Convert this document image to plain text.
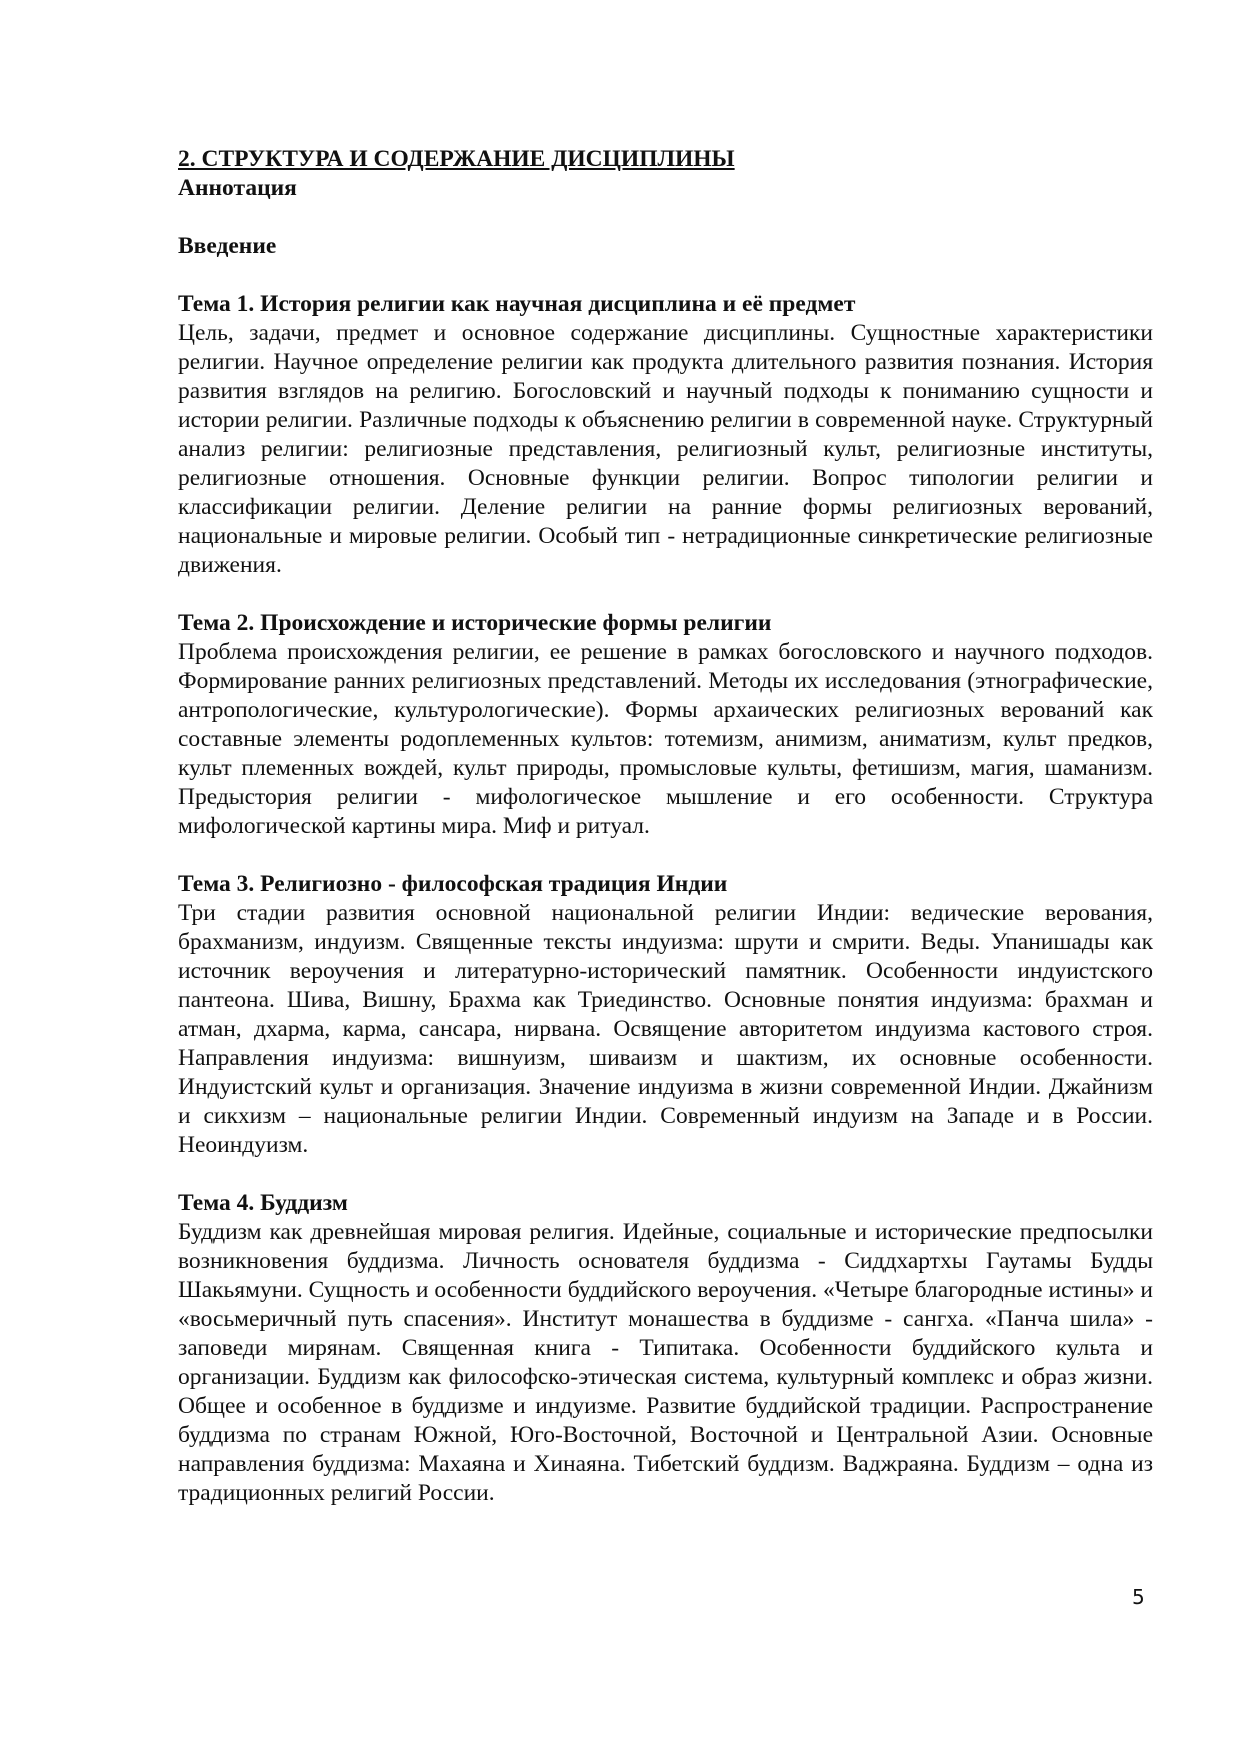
2. СТРУКТУРА И СОДЕРЖАНИЕ ДИСЦИПЛИНЫ
Аннотация
Введение
Тема 1. История религии как научная дисциплина и её предмет

Цель, задачи, предмет и основное содержание дисциплины. Сущностные характеристики религии. Научное определение религии как продукта длительного развития познания. История развития взглядов на религию. Богословский и научный подходы к пониманию сущности и истории религии. Различные подходы к объяснению религии в современной науке. Структурный анализ религии: религиозные представления, религиозный культ, религиозные институты, религиозные отношения. Основные функции религии. Вопрос типологии религии и классификации религии. Деление религии на ранние формы религиозных верований, национальные и мировые религии. Особый тип - нетрадиционные синкретические религиозные движения.

Тема 2. Происхождение и исторические формы религии

Проблема происхождения религии, ее решение в рамках богословского и научного подходов. Формирование ранних религиозных представлений. Методы их исследования (этнографические, антропологические, культурологические). Формы архаических религиозных верований как составные элементы родоплеменных культов: тотемизм, анимизм, аниматизм, культ предков, культ племенных вождей, культ природы, промысловые культы, фетишизм, магия, шаманизм. Предыстория религии - мифологическое мышление и его особенности. Структура мифологической картины мира. Миф и ритуал.

Тема 3. Религиозно - философская традиция Индии

Три стадии развития основной национальной религии Индии: ведические верования, брахманизм, индуизм. Священные тексты индуизма: шрути и смрити. Веды. Упанишады как источник вероучения и литературно-исторический памятник. Особенности индуистского пантеона. Шива, Вишну, Брахма как Триединство. Основные понятия индуизма: брахман и атман, дхарма, карма, сансара, нирвана. Освящение авторитетом индуизма кастового строя. Направления индуизма: вишнуизм, шиваизм и шактизм, их основные особенности. Индуистский культ и организация. Значение индуизма в жизни современной Индии. Джайнизм и сикхизм – национальные религии Индии. Современный индуизм на Западе и в России. Неоиндуизм.

Тема 4. Буддизм

Буддизм как древнейшая мировая религия. Идейные, социальные и исторические предпосылки возникновения буддизма. Личность основателя буддизма - Сиддхартхы Гаутамы Будды Шакьямуни. Сущность и особенности буддийского вероучения. «Четыре благородные истины» и «восьмеричный путь спасения». Институт монашества в буддизме - сангха. «Панча шила» - заповеди мирянам. Священная книга - Типитака. Особенности буддийского культа и организации. Буддизм как философско-этическая система, культурный комплекс и образ жизни. Общее и особенное в буддизме и индуизме. Развитие буддийской традиции. Распространение буддизма по странам Южной, Юго-Восточной, Восточной и Центральной Азии. Основные направления буддизма: Махаяна и Хинаяна. Тибетский буддизм. Ваджраяна. Буддизм – одна из традиционных религий России.

5
